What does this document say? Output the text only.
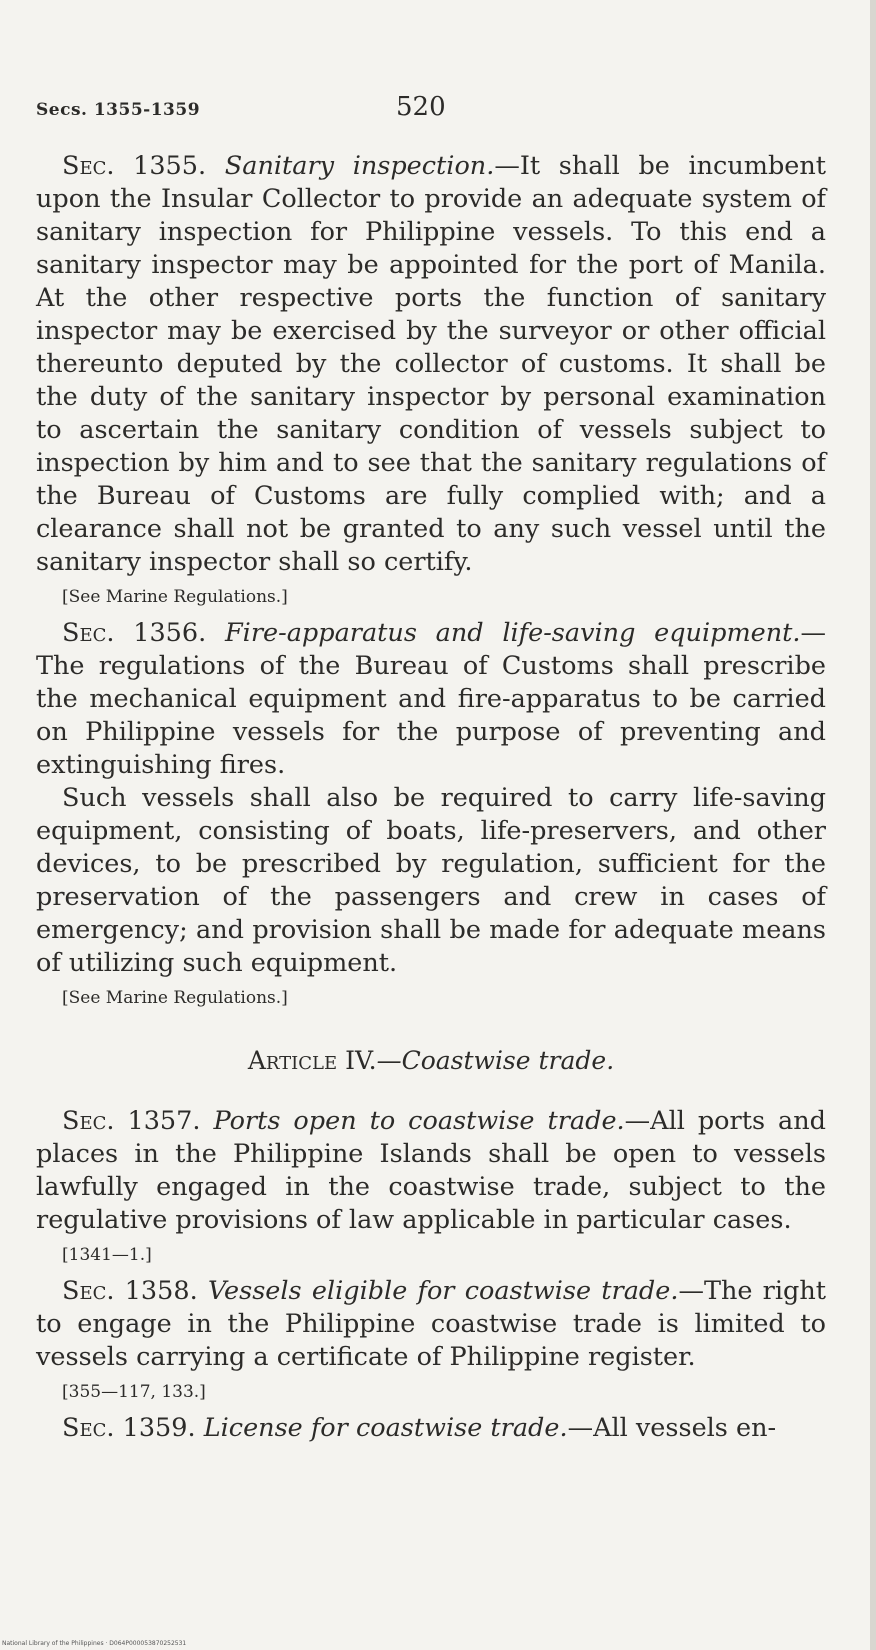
Secs. 1355-1359	520

Sec. 1355. Sanitary inspection.—It shall be incumbent upon the Insular Collector to provide an adequate system of sanitary inspection for Philippine vessels. To this end a sanitary inspector may be appointed for the port of Manila. At the other respective ports the function of sanitary inspector may be exercised by the surveyor or other official thereunto deputed by the collector of customs. It shall be the duty of the sanitary inspector by personal examination to ascertain the sanitary condition of vessels subject to inspection by him and to see that the sanitary regulations of the Bureau of Customs are fully complied with; and a clearance shall not be granted to any such vessel until the sanitary inspector shall so certify.

[See Marine Regulations.]

Sec. 1356. Fire-apparatus and life-saving equipment.— The regulations of the Bureau of Customs shall prescribe the mechanical equipment and fire-apparatus to be carried on Philippine vessels for the purpose of preventing and extinguishing fires.

Such vessels shall also be required to carry life-saving equipment, consisting of boats, life-preservers, and other devices, to be prescribed by regulation, sufficient for the preservation of the passengers and crew in cases of emergency; and provision shall be made for adequate means of utilizing such equipment.

[See Marine Regulations.]
Article IV.—Coastwise trade.

Sec. 1357. Ports open to coastwise trade.—All ports and places in the Philippine Islands shall be open to vessels lawfully engaged in the coastwise trade, subject to the regulative provisions of law applicable in particular cases.

[1341—1.]

Sec. 1358. Vessels eligible for coastwise trade.—The right to engage in the Philippine coastwise trade is limited to vessels carrying a certificate of Philippine register.

[355—117, 133.]

Sec. 1359. License for coastwise trade.—All vessels en-

National Library of the Philippines · D064P000053870252531
